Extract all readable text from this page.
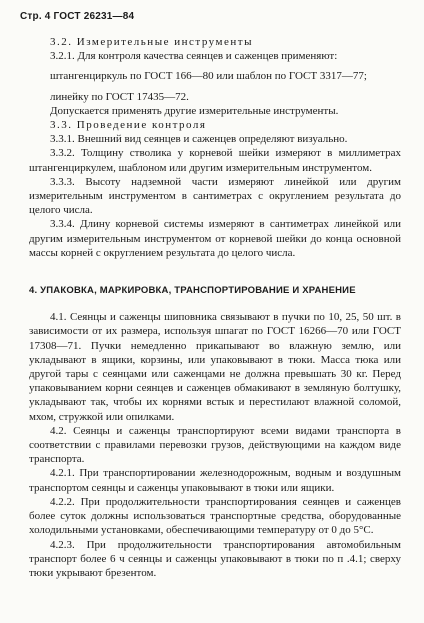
Стр. 4 ГОСТ 26231—84

3.2. Измерительные инструменты

3.2.1. Для контроля качества сеянцев и саженцев применяют:

штангенциркуль по ГОСТ 166—80 или шаблон по ГОСТ 3317—77;

линейку по ГОСТ 17435—72.

Допускается применять другие измерительные инструменты.

3.3. Проведение контроля

3.3.1. Внешний вид сеянцев и саженцев определяют визуально.

3.3.2. Толщину стволика у корневой шейки измеряют в миллиметрах штангенциркулем, шаблоном или другим измерительным инструментом.

3.3.3. Высоту надземной части измеряют линейкой или другим измерительным инструментом в сантиметрах с округлением результата до целого числа.

3.3.4. Длину корневой системы измеряют в сантиметрах линейкой или другим измерительным инструментом от корневой шейки до конца основной массы корней с округлением результата до целого числа.

4. УПАКОВКА, МАРКИРОВКА, ТРАНСПОРТИРОВАНИЕ И ХРАНЕНИЕ

4.1. Сеянцы и саженцы шиповника связывают в пучки по 10, 25, 50 шт. в зависимости от их размера, используя шпагат по ГОСТ 16266—70 или ГОСТ 17308—71. Пучки немедленно прикапывают во влажную землю, или укладывают в ящики, корзины, или упаковывают в тюки. Масса тюка или другой тары с сеянцами или саженцами не должна превышать 30 кг. Перед упаковыванием корни сеянцев и саженцев обмакивают в земляную болтушку, укладывают так, чтобы их корнями встык и перестилают влажной соломой, мхом, стружкой или опилками.

4.2. Сеянцы и саженцы транспортируют всеми видами транспорта в соответствии с правилами перевозки грузов, действующими на каждом виде транспорта.

4.2.1. При транспортировании железнодорожным, водным и воздушным транспортом сеянцы и саженцы упаковывают в тюки или ящики.

4.2.2. При продолжительности транспортирования сеянцев и саженцев более суток должны использоваться транспортные средства, оборудованные холодильными установками, обеспечивающими температуру от 0 до 5°С.

4.2.3. При продолжительности транспортирования автомобильным транспорт более 6 ч сеянцы и саженцы упаковывают в тюки по п .4.1; сверху тюки укрывают брезентом.
